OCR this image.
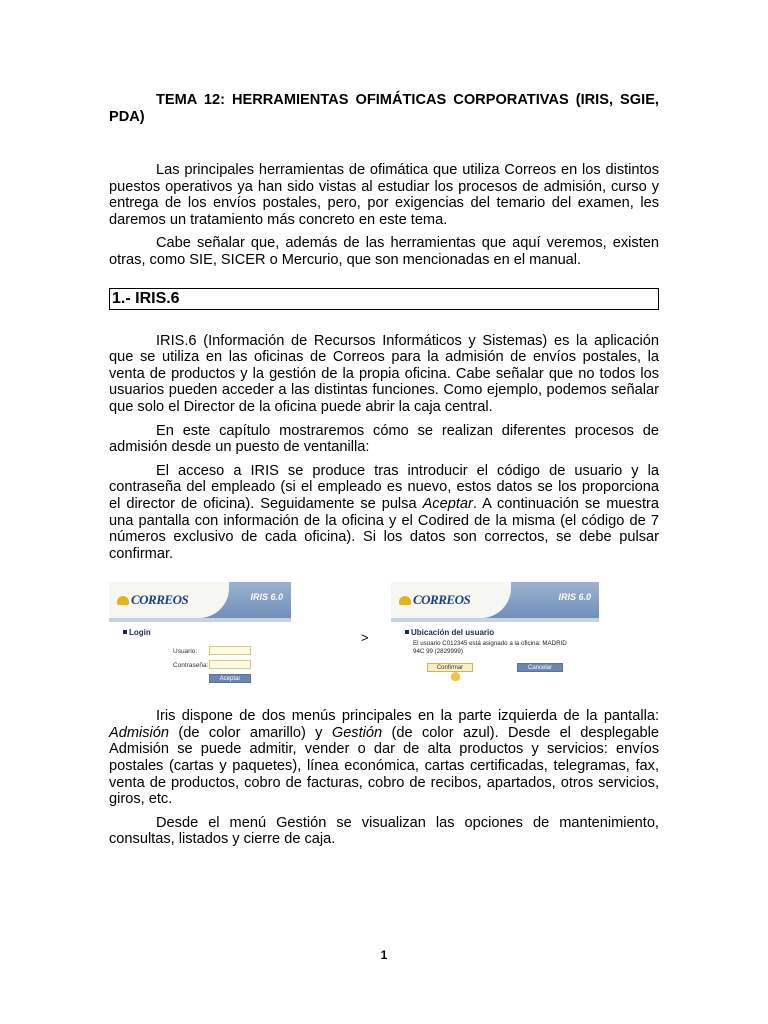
TEMA 12: HERRAMIENTAS OFIMÁTICAS CORPORATIVAS (IRIS, SGIE, PDA)

Las principales herramientas de ofimática que utiliza Correos en los distintos puestos operativos ya han sido vistas al estudiar los procesos de admisión, curso y entrega de los envíos postales, pero, por exigencias del temario del examen, les daremos un tratamiento más concreto en este tema.

Cabe señalar que, además de las herramientas que aquí veremos, existen otras, como SIE, SICER o Mercurio, que son mencionadas en el manual.

1.- IRIS.6

IRIS.6 (Información de Recursos Informáticos y Sistemas) es la aplicación que se utiliza en las oficinas de Correos para la admisión de envíos postales, la venta de productos y la gestión de la propia oficina. Cabe señalar que no todos los usuarios pueden acceder a las distintas funciones. Como ejemplo, podemos señalar que solo el Director de la oficina puede abrir la caja central.

En este capítulo mostraremos cómo se realizan diferentes procesos de admisión desde un puesto de ventanilla:

El acceso a IRIS se produce tras introducir el código de usuario y la contraseña del empleado (si el empleado es nuevo, estos datos se los proporciona el director de oficina). Seguidamente se pulsa Aceptar. A continuación se muestra una pantalla con información de la oficina y el Codired de la misma (el código de 7 números exclusivo de cada oficina). Si los datos son correctos, se debe pulsar confirmar.

CORREOS	IRIS 6.0
Login
Usuario:
Contraseña:
Aceptar
>
CORREOS	IRIS 6.0
Ubicación del usuario
El usuario C012345 está asignado a la oficina: MADRID
94C 99 (2829999)
Confirmar	Cancelar

Iris dispone de dos menús principales en la parte izquierda de la pantalla: Admisión (de color amarillo) y Gestión (de color azul). Desde el desplegable Admisión se puede admitir, vender o dar de alta productos y servicios: envíos postales (cartas y paquetes), línea económica, cartas certificadas, telegramas, fax, venta de productos, cobro de facturas, cobro de recibos, apartados, otros servicios, giros, etc.

Desde el menú Gestión se visualizan las opciones de mantenimiento, consultas, listados y cierre de caja.

1
